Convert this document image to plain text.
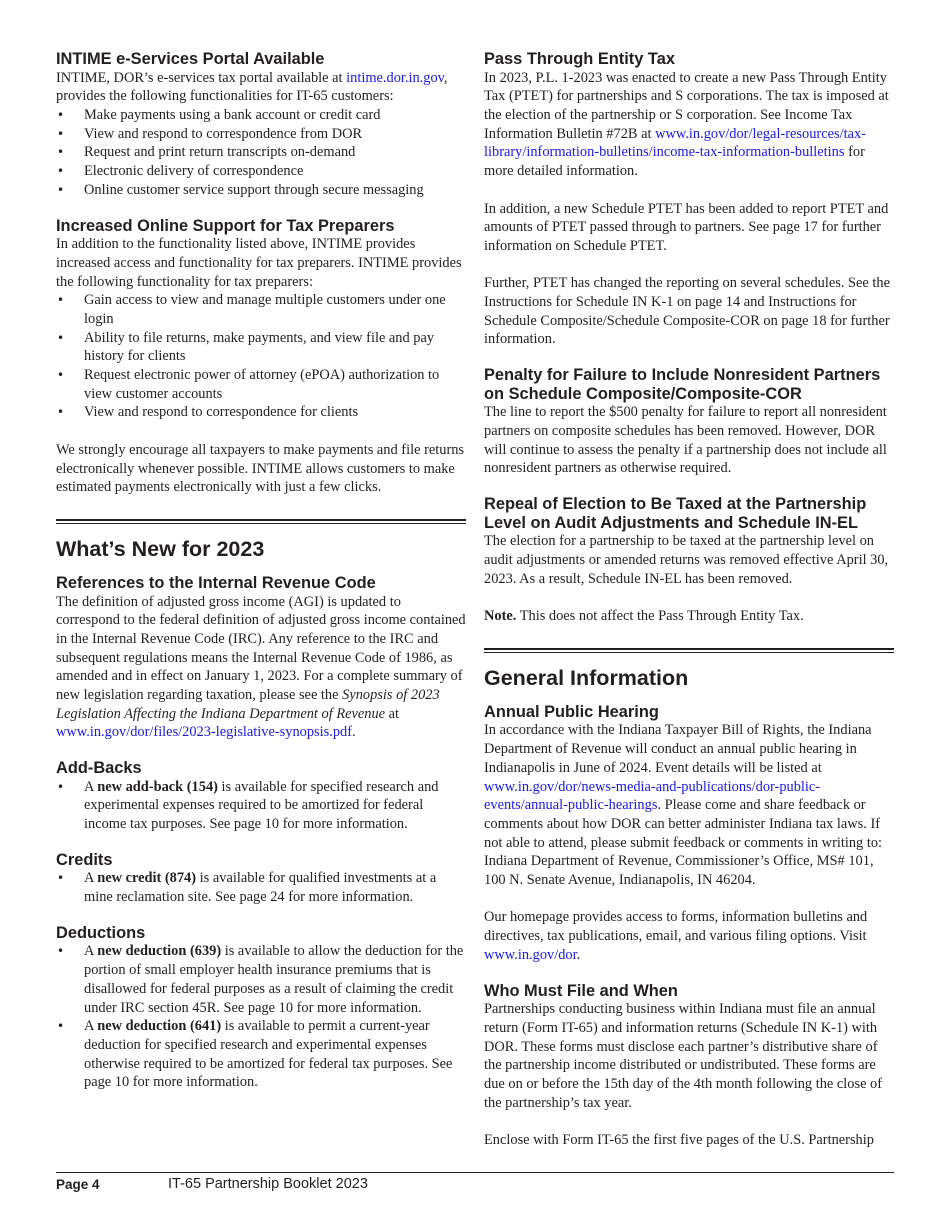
INTIME e-Services Portal Available

INTIME, DOR’s e-services tax portal available at intime.dor.in.gov, provides the following functionalities for IT-65 customers:

• Make payments using a bank account or credit card
• View and respond to correspondence from DOR
• Request and print return transcripts on-demand
• Electronic delivery of correspondence
• Online customer service support through secure messaging
Increased Online Support for Tax Preparers

In addition to the functionality listed above, INTIME provides increased access and functionality for tax preparers. INTIME provides the following functionality for tax preparers:

• Gain access to view and manage multiple customers under one login
• Ability to file returns, make payments, and view file and pay history for clients
• Request electronic power of attorney (ePOA) authorization to view customer accounts
• View and respond to correspondence for clients

We strongly encourage all taxpayers to make payments and file returns electronically whenever possible. INTIME allows customers to make estimated payments electronically with just a few clicks.

What’s New for 2023
References to the Internal Revenue Code

The definition of adjusted gross income (AGI) is updated to correspond to the federal definition of adjusted gross income contained in the Internal Revenue Code (IRC). Any reference to the IRC and subsequent regulations means the Internal Revenue Code of 1986, as amended and in effect on January 1, 2023. For a complete summary of new legislation regarding taxation, please see the Synopsis of 2023 Legislation Affecting the Indiana Department of Revenue at www.in.gov/dor/files/2023-legislative-synopsis.pdf.

Add-Backs
• A new add-back (154) is available for specified research and experimental expenses required to be amortized for federal income tax purposes. See page 10 for more information.
Credits
• A new credit (874) is available for qualified investments at a mine reclamation site. See page 24 for more information.
Deductions
• A new deduction (639) is available to allow the deduction for the portion of small employer health insurance premiums that is disallowed for federal purposes as a result of claiming the credit under IRC section 45R. See page 10 for more information.
• A new deduction (641) is available to permit a current-year deduction for specified research and experimental expenses otherwise required to be amortized for federal tax purposes. See page 10 for more information.
Pass Through Entity Tax

In 2023, P.L. 1-2023 was enacted to create a new Pass Through Entity Tax (PTET) for partnerships and S corporations. The tax is imposed at the election of the partnership or S corporation. See Income Tax Information Bulletin #72B at www.in.gov/dor/legal-resources/tax-library/information-bulletins/income-tax-information-bulletins for more detailed information.

In addition, a new Schedule PTET has been added to report PTET and amounts of PTET passed through to partners. See page 17 for further information on Schedule PTET.

Further, PTET has changed the reporting on several schedules. See the Instructions for Schedule IN K-1 on page 14 and Instructions for Schedule Composite/Schedule Composite-COR on page 18 for further information.

Penalty for Failure to Include Nonresident Partners on Schedule Composite/Composite-COR

The line to report the $500 penalty for failure to report all nonresident partners on composite schedules has been removed. However, DOR will continue to assess the penalty if a partnership does not include all nonresident partners as otherwise required.

Repeal of Election to Be Taxed at the Partnership Level on Audit Adjustments and Schedule IN-EL

The election for a partnership to be taxed at the partnership level on audit adjustments or amended returns was removed effective April 30, 2023. As a result, Schedule IN-EL has been removed.

Note. This does not affect the Pass Through Entity Tax.

General Information
Annual Public Hearing

In accordance with the Indiana Taxpayer Bill of Rights, the Indiana Department of Revenue will conduct an annual public hearing in Indianapolis in June of 2024. Event details will be listed at www.in.gov/dor/news-media-and-publications/dor-public-events/annual-public-hearings. Please come and share feedback or comments about how DOR can better administer Indiana tax laws. If not able to attend, please submit feedback or comments in writing to: Indiana Department of Revenue, Commissioner’s Office, MS# 101, 100 N. Senate Avenue, Indianapolis, IN 46204.

Our homepage provides access to forms, information bulletins and directives, tax publications, email, and various filing options. Visit www.in.gov/dor.

Who Must File and When

Partnerships conducting business within Indiana must file an annual return (Form IT-65) and information returns (Schedule IN K-1) with DOR. These forms must disclose each partner’s distributive share of the partnership income distributed or undistributed. These forms are due on or before the 15th day of the 4th month following the close of the partnership’s tax year.

Enclose with Form IT-65 the first five pages of the U.S. Partnership

Page 4	IT-65 Partnership Booklet 2023
